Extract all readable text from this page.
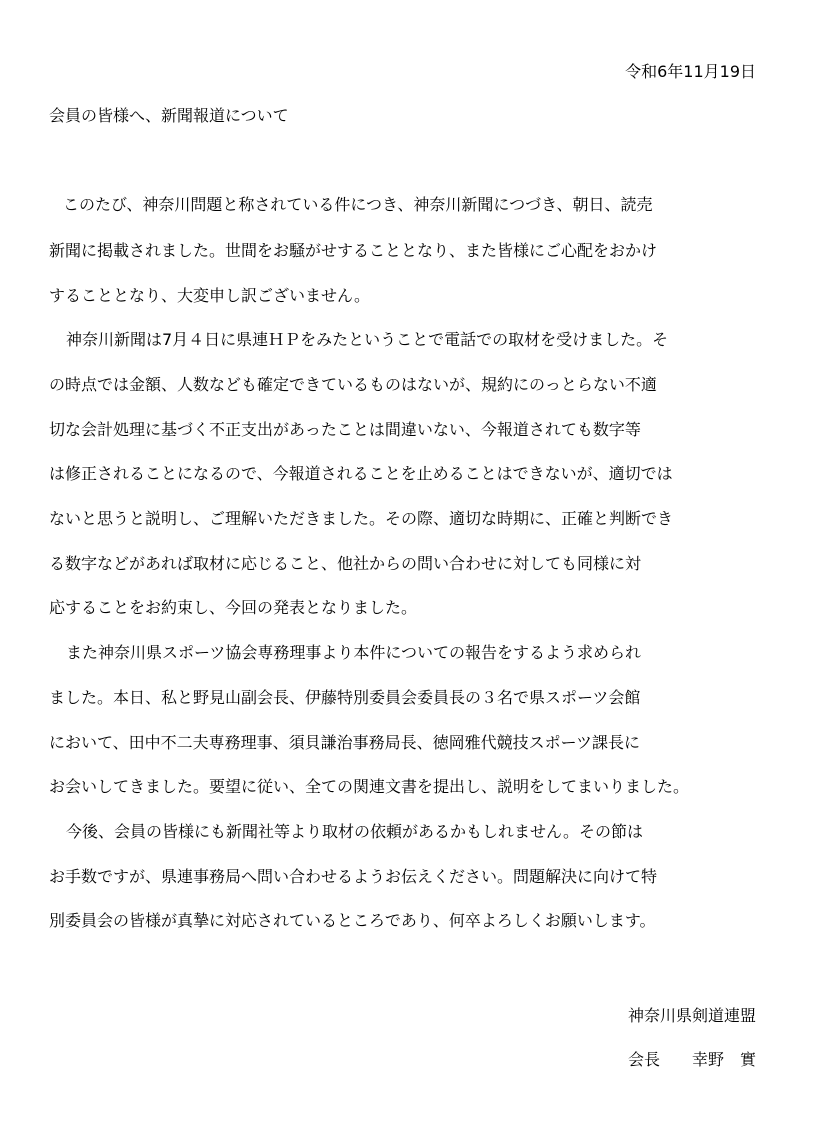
令和6年11月19日
会員の皆様へ、新聞報道について
このたび、神奈川問題と称されている件につき、神奈川新聞につづき、朝日、読売
新聞に掲載されました。世間をお騒がせすることとなり、また皆様にご心配をおかけ
することとなり、大変申し訳ございません。
神奈川新聞は7月４日に県連ＨＰをみたということで電話での取材を受けました。そ
の時点では金額、人数なども確定できているものはないが、規約にのっとらない不適
切な会計処理に基づく不正支出があったことは間違いない、今報道されても数字等
は修正されることになるので、今報道されることを止めることはできないが、適切では
ないと思うと説明し、ご理解いただきました。その際、適切な時期に、正確と判断でき
る数字などがあれば取材に応じること、他社からの問い合わせに対しても同様に対
応することをお約束し、今回の発表となりました。
また神奈川県スポーツ協会専務理事より本件についての報告をするよう求められ
ました。本日、私と野見山副会長、伊藤特別委員会委員長の３名で県スポーツ会館
において、田中不二夫専務理事、須貝謙治事務局長、徳岡雅代競技スポーツ課長に
お会いしてきました。要望に従い、全ての関連文書を提出し、説明をしてまいりました。
今後、会員の皆様にも新聞社等より取材の依頼があるかもしれません。その節は
お手数ですが、県連事務局へ問い合わせるようお伝えください。問題解決に向けて特
別委員会の皆様が真摯に対応されているところであり、何卒よろしくお願いします。
神奈川県剣道連盟
会長　　幸野　實
